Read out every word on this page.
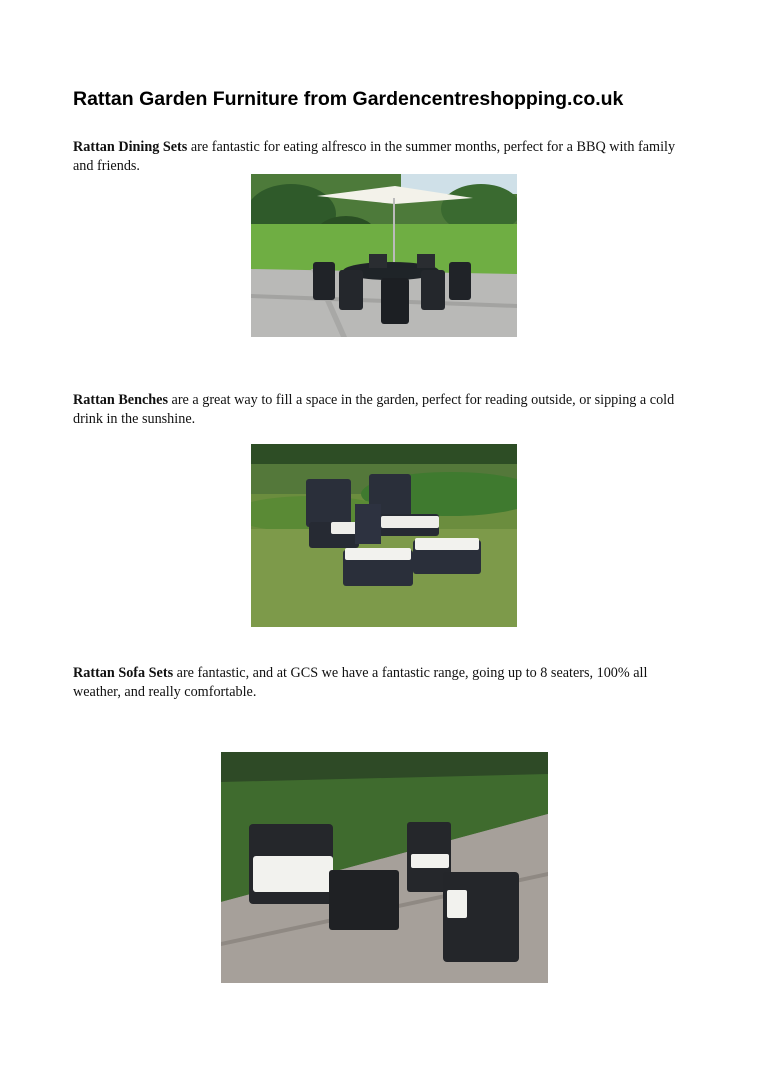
Rattan Garden Furniture from Gardencentreshopping.co.uk

Rattan Dining Sets are fantastic for eating alfresco in the summer months, perfect for a BBQ with family and friends.

Rattan Benches are a great way to fill a space in the garden, perfect for reading outside, or sipping a cold drink in the sunshine.

Rattan Sofa Sets are fantastic, and at GCS we have a fantastic range, going up to 8 seaters, 100% all weather, and really comfortable.
